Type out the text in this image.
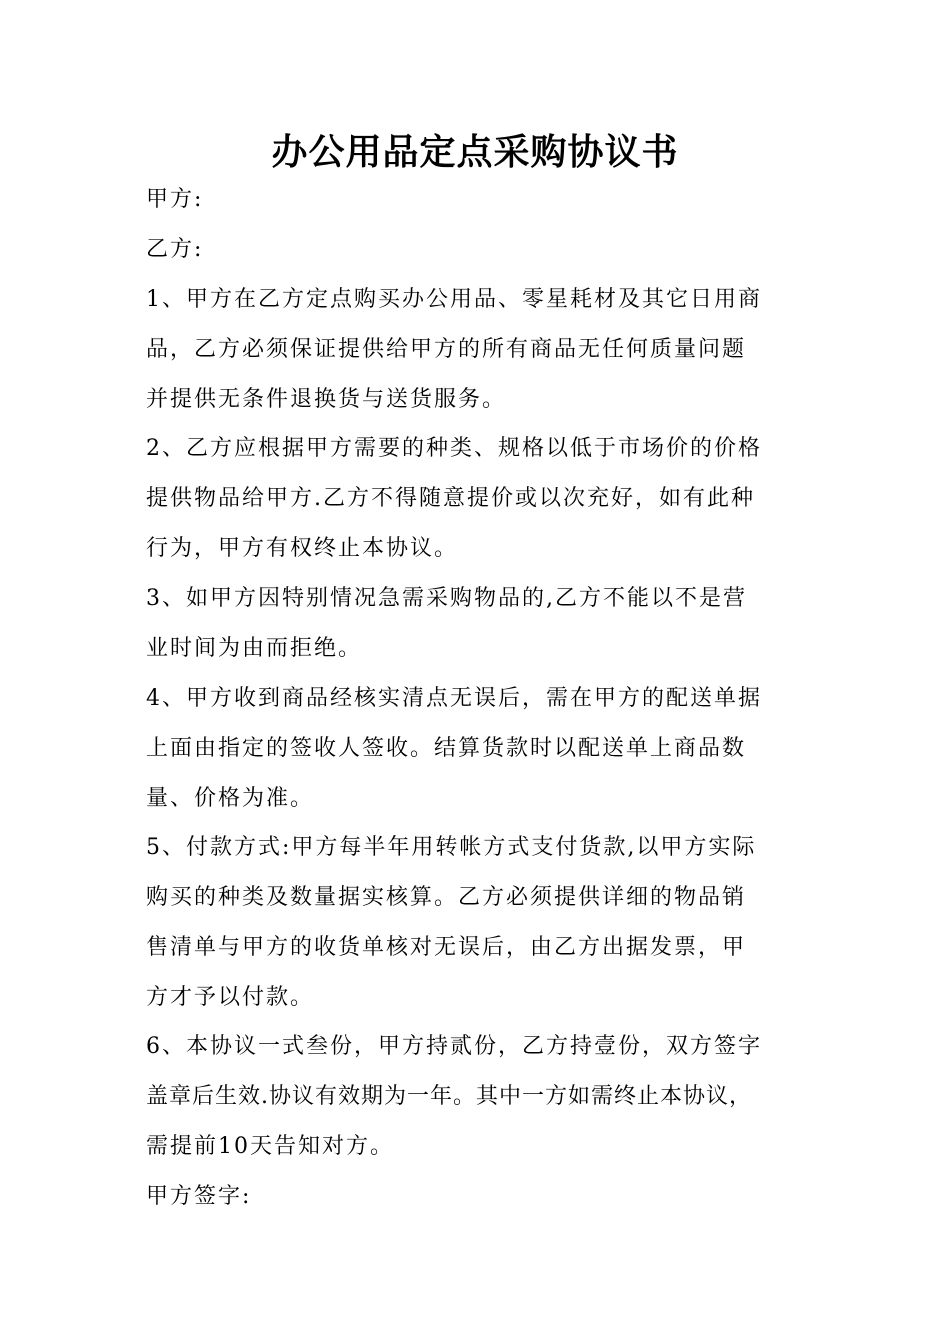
办公用品定点采购协议书
甲方:
乙方:
1、甲方在乙方定点购买办公用品、零星耗材及其它日用商
品，乙方必须保证提供给甲方的所有商品无任何质量问题
并提供无条件退换货与送货服务。
2、乙方应根据甲方需要的种类、规格以低于市场价的价格
提供物品给甲方.乙方不得随意提价或以次充好，如有此种
行为，甲方有权终止本协议。
3、如甲方因特别情况急需采购物品的,乙方不能以不是营
业时间为由而拒绝。
4、甲方收到商品经核实清点无误后，需在甲方的配送单据
上面由指定的签收人签收。结算货款时以配送单上商品数
量、价格为准。
5、付款方式:甲方每半年用转帐方式支付货款,以甲方实际
购买的种类及数量据实核算。乙方必须提供详细的物品销
售清单与甲方的收货单核对无误后，由乙方出据发票，甲
方才予以付款。
6、本协议一式叁份，甲方持贰份，乙方持壹份，双方签字
盖章后生效.协议有效期为一年。其中一方如需终止本协议，
需提前10天告知对方。
甲方签字:
